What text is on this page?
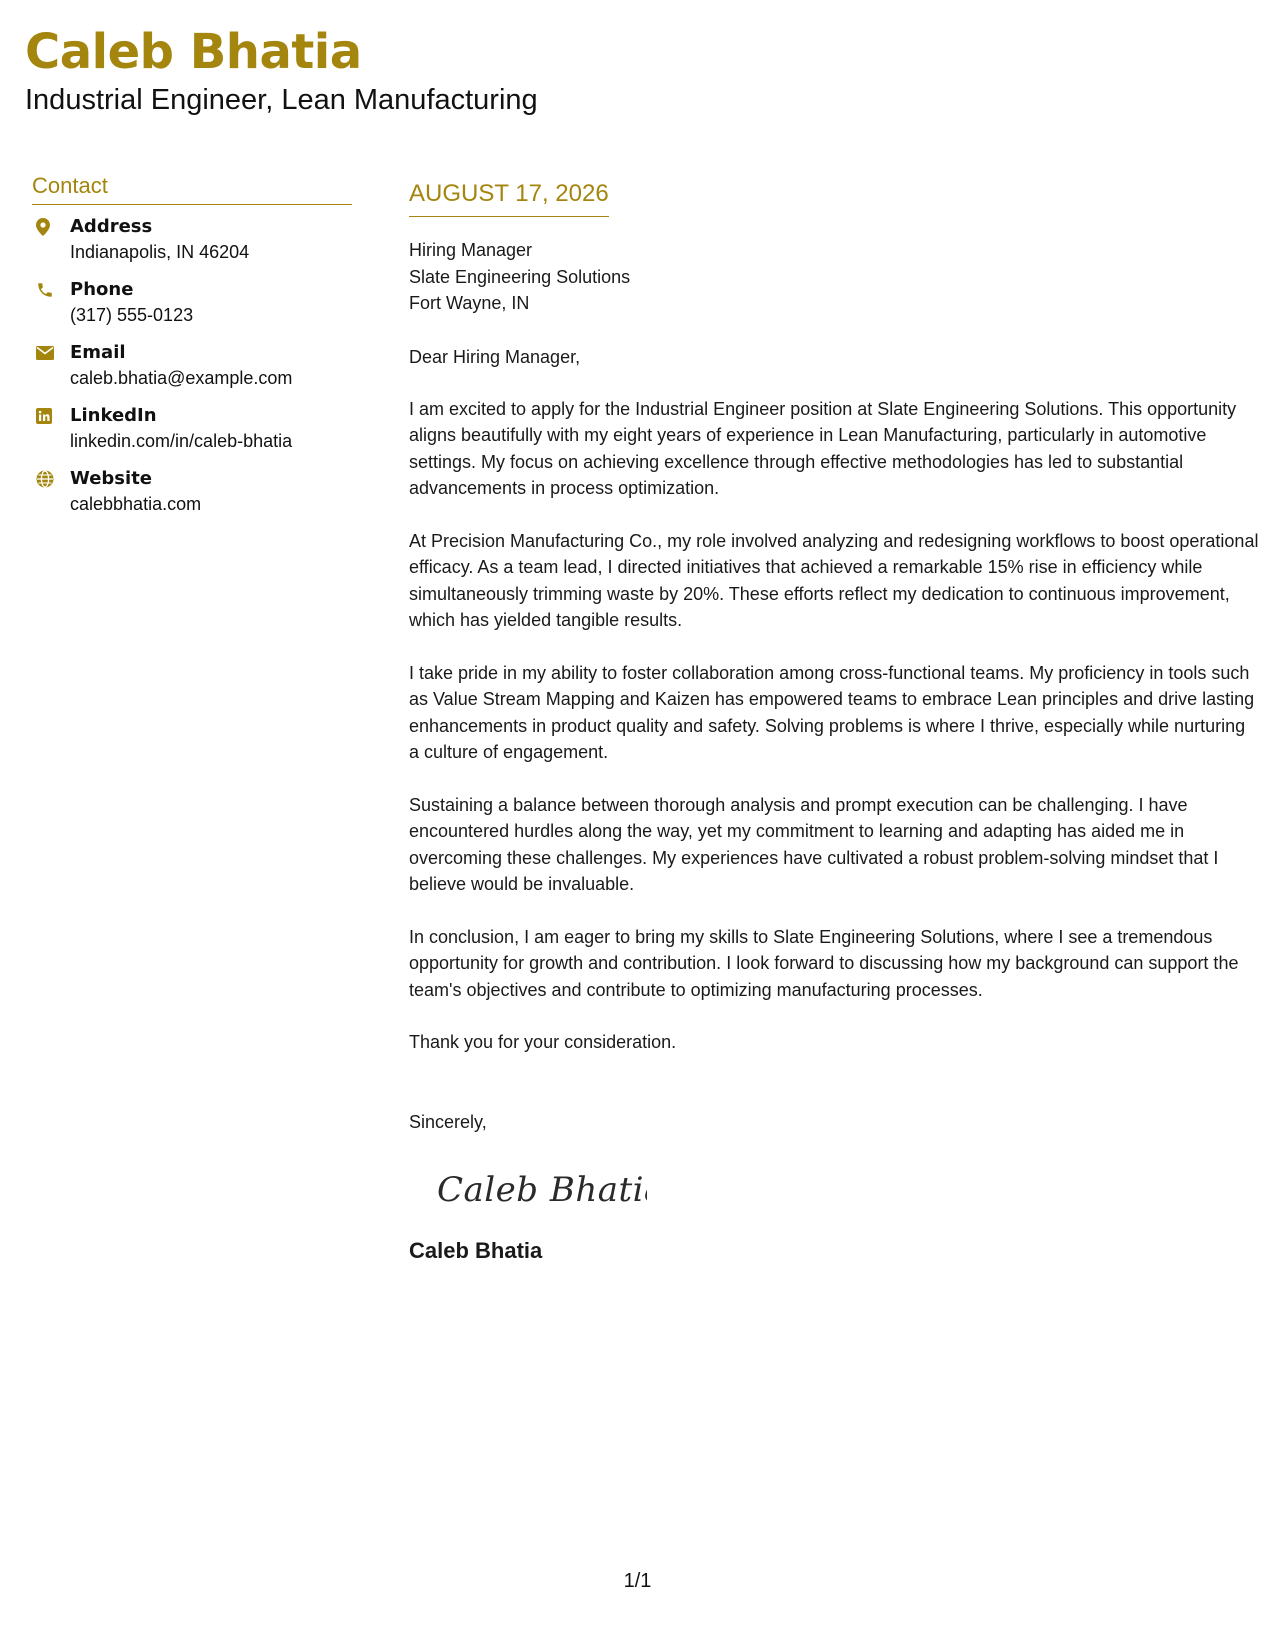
Caleb Bhatia
Industrial Engineer, Lean Manufacturing
Contact
Address
Indianapolis, IN 46204
Phone
(317) 555-0123
Email
caleb.bhatia@example.com
LinkedIn
linkedin.com/in/caleb-bhatia
Website
calebbhatia.com
AUGUST 17, 2026
Hiring Manager
Slate Engineering Solutions
Fort Wayne, IN
Dear Hiring Manager,
I am excited to apply for the Industrial Engineer position at Slate Engineering Solutions. This opportunity aligns beautifully with my eight years of experience in Lean Manufacturing, particularly in automotive settings. My focus on achieving excellence through effective methodologies has led to substantial advancements in process optimization.
At Precision Manufacturing Co., my role involved analyzing and redesigning workflows to boost operational efficacy. As a team lead, I directed initiatives that achieved a remarkable 15% rise in efficiency while simultaneously trimming waste by 20%. These efforts reflect my dedication to continuous improvement, which has yielded tangible results.
I take pride in my ability to foster collaboration among cross-functional teams. My proficiency in tools such as Value Stream Mapping and Kaizen has empowered teams to embrace Lean principles and drive lasting enhancements in product quality and safety. Solving problems is where I thrive, especially while nurturing a culture of engagement.
Sustaining a balance between thorough analysis and prompt execution can be challenging. I have encountered hurdles along the way, yet my commitment to learning and adapting has aided me in overcoming these challenges. My experiences have cultivated a robust problem-solving mindset that I believe would be invaluable.
In conclusion, I am eager to bring my skills to Slate Engineering Solutions, where I see a tremendous opportunity for growth and contribution. I look forward to discussing how my background can support the team's objectives and contribute to optimizing manufacturing processes.
Thank you for your consideration.
Sincerely,
Caleb Bhatia
Caleb Bhatia
1/1
